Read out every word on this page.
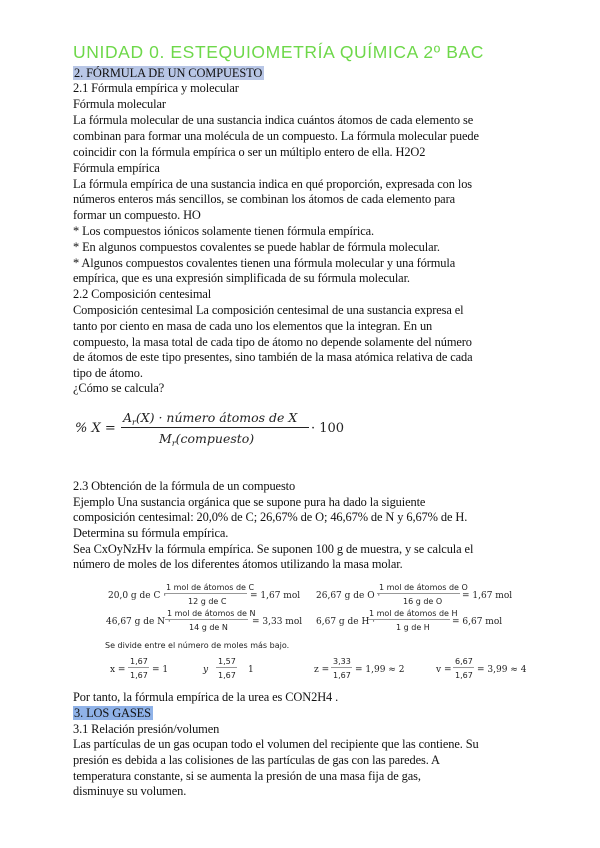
UNIDAD 0. ESTEQUIOMETRÍA QUÍMICA 2º BAC
2. FÓRMULA DE UN COMPUESTO
2.1 Fórmula empírica y molecular
Fórmula molecular
La fórmula molecular de una sustancia indica cuántos átomos de cada elemento se
combinan para formar una molécula de un compuesto. La fórmula molecular puede
coincidir con la fórmula empírica o ser un múltiplo entero de ella. H2O2
Fórmula empírica
La fórmula empírica de una sustancia indica en qué proporción, expresada con los
números enteros más sencillos, se combinan los átomos de cada elemento para
formar un compuesto. HO
* Los compuestos iónicos solamente tienen fórmula empírica.
* En algunos compuestos covalentes se puede hablar de fórmula molecular.
* Algunos compuestos covalentes tienen una fórmula molecular y una fórmula
empírica, que es una expresión simplificada de su fórmula molecular.
2.2 Composición centesimal
Composición centesimal La composición centesimal de una sustancia expresa el
tanto por ciento en masa de cada uno los elementos que la integran. En un
compuesto, la masa total de cada tipo de átomo no depende solamente del número
de átomos de este tipo presentes, sino también de la masa atómica relativa de cada
tipo de átomo.
¿Cómo se calcula?
% X =
$A_r(X)$ · número átomos de X
$M_r(compuesto)$
· 100
2.3 Obtención de la fórmula de un compuesto
Ejemplo Una sustancia orgánica que se supone pura ha dado la siguiente
composición centesimal: 20,0% de C; 26,67% de O; 46,67% de N y 6,67% de H.
Determina su fórmula empírica.
Sea CxOyNzHv la fórmula empírica. Se suponen 100 g de muestra, y se calcula el
número de moles de los diferentes átomos utilizando la masa molar.
20,0 g de C ·
1 mol de átomos de C
12 g de C
= 1,67 mol 26,67 g de O ·
1 mol de átomos de O
16 g de O
= 1,67 mol
46,67 g de N ·
1 mol de átomos de N
14 g de N
= 3,33 mol 6,67 g de H ·
1 mol de átomos de H
1 g de H
= 6,67 mol
Se divide entre el número de moles más bajo.
x =
1,67
1,67
= 1	y
1,57
1,67
1	z =
3,33
1,67
= 1,99 ≈ 2	v =
6,67
1,67
= 3,99 ≈ 4
Por tanto, la fórmula empírica de la urea es CON2H4 .
3. LOS GASES
3.1 Relación presión/volumen
Las partículas de un gas ocupan todo el volumen del recipiente que las contiene. Su
presión es debida a las colisiones de las partículas de gas con las paredes. A
temperatura constante, si se aumenta la presión de una masa fija de gas,
disminuye su volumen.
